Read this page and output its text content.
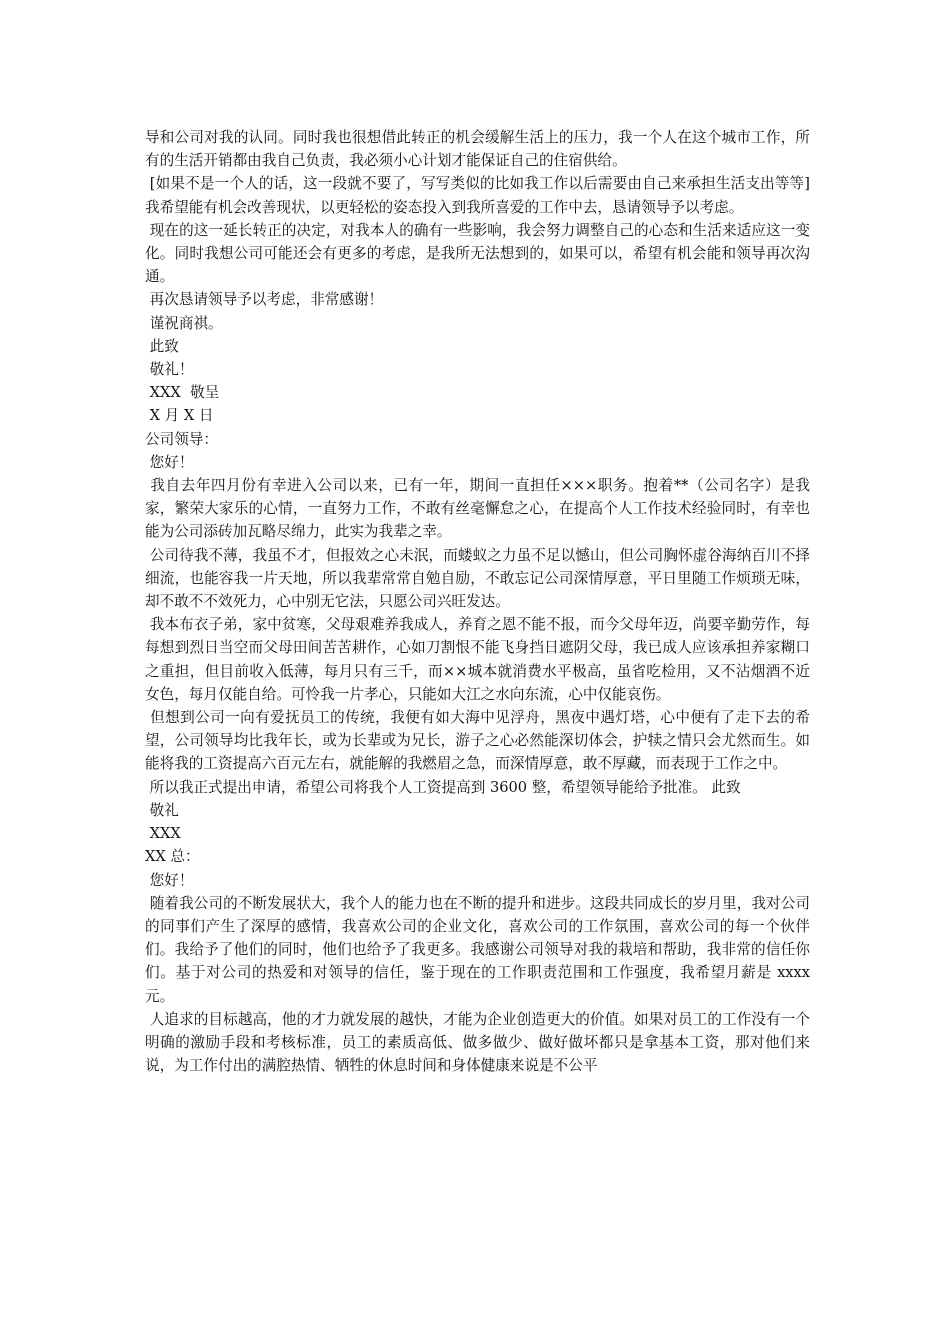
导和公司对我的认同。同时我也很想借此转正的机会缓解生活上的压力，我一个人在这个城市工作，所有的生活开销都由我自己负责，我必须小心计划才能保证自己的住宿供给。

[如果不是一个人的话，这一段就不要了，写写类似的比如我工作以后需要由自己来承担生活支出等等]我希望能有机会改善现状，以更轻松的姿态投入到我所喜爱的工作中去，恳请领导予以考虑。

现在的这一延长转正的决定，对我本人的确有一些影响，我会努力调整自己的心态和生活来适应这一变化。同时我想公司可能还会有更多的考虑，是我所无法想到的，如果可以，希望有机会能和领导再次沟通。

再次恳请领导予以考虑，非常感谢！

谨祝商祺。

此致

敬礼！

XXX  敬呈

X 月 X 日

公司领导：

您好！

我自去年四月份有幸进入公司以来，已有一年，期间一直担任×××职务。抱着**（公司名字）是我家，繁荣大家乐的心情，一直努力工作，不敢有丝毫懈怠之心，在提高个人工作技术经验同时，有幸也能为公司添砖加瓦略尽绵力，此实为我辈之幸。

公司待我不薄，我虽不才，但报效之心未泯，而蝼蚁之力虽不足以憾山，但公司胸怀虚谷海纳百川不择细流，也能容我一片天地，所以我辈常常自勉自励，不敢忘记公司深情厚意，平日里随工作烦琐无味，却不敢不不效死力，心中别无它法，只愿公司兴旺发达。

我本布衣子弟，家中贫寒，父母艰难养我成人，养育之恩不能不报，而今父母年迈，尚要辛勤劳作，每每想到烈日当空而父母田间苦苦耕作，心如刀割恨不能飞身挡日遮阴父母，我已成人应该承担养家糊口之重担，但目前收入低薄，每月只有三千，而××城本就消费水平极高，虽省吃检用，又不沾烟酒不近女色，每月仅能自给。可怜我一片孝心，只能如大江之水向东流，心中仅能哀伤。

但想到公司一向有爱抚员工的传统，我便有如大海中见浮舟，黑夜中遇灯塔，心中便有了走下去的希望，公司领导均比我年长，或为长辈或为兄长，游子之心必然能深切体会，护犊之情只会尤然而生。如能将我的工资提高六百元左右，就能解的我燃眉之急，而深情厚意，敢不厚藏，而表现于工作之中。

所以我正式提出申请，希望公司将我个人工资提高到 3600 整，希望领导能给予批准。 此致

敬礼

XXX

XX 总：

您好！

随着我公司的不断发展状大，我个人的能力也在不断的提升和进步。这段共同成长的岁月里，我对公司的同事们产生了深厚的感情，我喜欢公司的企业文化，喜欢公司的工作氛围，喜欢公司的每一个伙伴们。我给予了他们的同时，他们也给予了我更多。我感谢公司领导对我的栽培和帮助，我非常的信任你们。基于对公司的热爱和对领导的信任，鉴于现在的工作职责范围和工作强度，我希望月薪是 xxxx 元。

人追求的目标越高，他的才力就发展的越快，才能为企业创造更大的价值。如果对员工的工作没有一个明确的激励手段和考核标准，员工的素质高低、做多做少、做好做坏都只是拿基本工资，那对他们来说，为工作付出的满腔热情、牺牲的休息时间和身体健康来说是不公平
